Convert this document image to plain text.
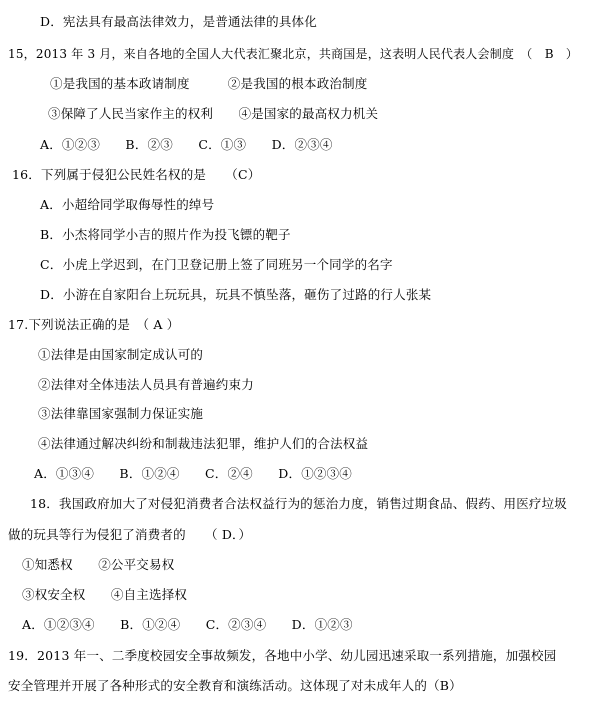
D．宪法具有最高法律效力，是普通法律的具体化
15，2013 年 3 月，来自各地的全国人大代表汇聚北京，共商国是，这表明人民代表人会制度　（　B　）
①是我国的基本政请制度　　　②是我国的根本政治制度
③保障了人民当家作主的权利　　④是国家的最高权力机关
A．①②③　　B．②③　　C．①③　　D．②③④
16．下列属于侵犯公民姓名权的是　　（C）
A．小超给同学取侮辱性的绰号
B．小杰将同学小吉的照片作为投飞镖的靶子
C．小虎上学迟到，在门卫登记册上签了同班另一个同学的名字
D．小游在自家阳台上玩玩具，玩具不慎坠落，砸伤了过路的行人张某
17.下列说法正确的是　（ A ）
①法律是由国家制定成认可的
②法律对全体违法人员具有普遍约束力
③法律靠国家强制力保证实施
④法律通过解决纠纷和制裁违法犯罪，维护人们的合法权益
A．①③④　　B．①②④　　C．②④　　D．①②③④
18．我国政府加大了对侵犯消费者合法权益行为的惩治力度，销售过期食品、假药、用医疗垃圾
做的玩具等行为侵犯了消费者的　　（ D．）
①知悉权　　②公平交易权
③权安全权　　④自主选择权
A．①②③④　　B．①②④　　C．②③④　　D．①②③
19．2013 年一、二季度校园安全事故频发，各地中小学、幼儿园迅速采取一系列措施，加强校园
安全管理并开展了各种形式的安全教育和演练活动。这体现了对未成年人的（B）
